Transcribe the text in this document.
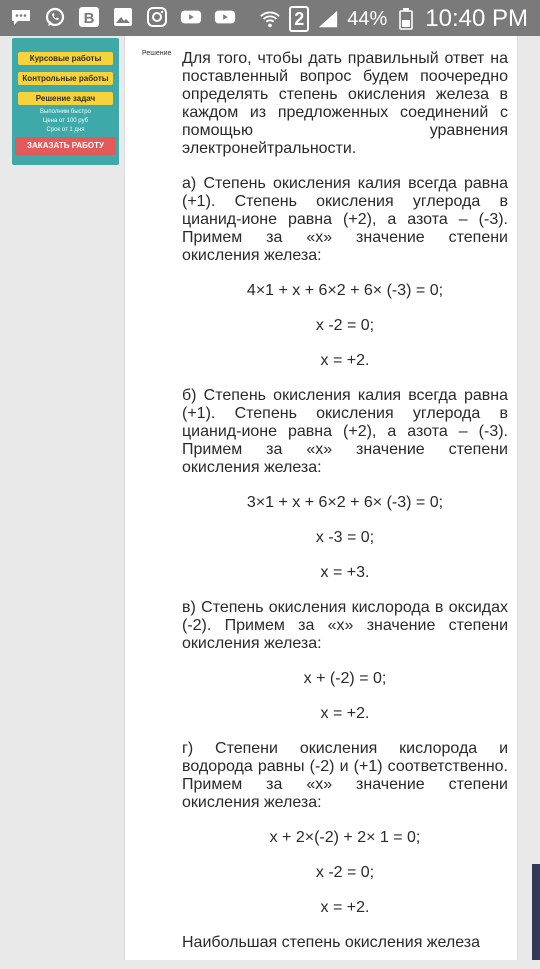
B	2 44% 10:40 PM
Курсовые работы
Контрольные работы
Решение задач
Выполним быстро
Цена от 100 руб
Срок от 1 дня
ЗАКАЗАТЬ РАБОТУ
Решение Для того, чтобы дать правильный ответ на поставленный вопрос будем поочередно определять степень окисления железа в каждом из предложенных соединений с помощью уравнения электронейтральности.
а) Степень окисления калия всегда равна (+1). Степень окисления углерода в цианид-ионе равна (+2), а азота – (-3). Примем за «х» значение степени окисления железа:
4×1 + х + 6×2 + 6× (-3) = 0;
х -2 = 0;
х = +2.
б) Степень окисления калия всегда равна (+1). Степень окисления углерода в цианид-ионе равна (+2), а азота – (-3). Примем за «х» значение степени окисления железа:
3×1 + х + 6×2 + 6× (-3) = 0;
х -3 = 0;
х = +3.
в) Степень окисления кислорода в оксидах (-2). Примем за «х» значение степени окисления железа:
х + (-2) = 0;
х = +2.
г) Степени окисления кислорода и водорода равны (-2) и (+1) соответственно. Примем за «х» значение степени окисления железа:
х + 2×(-2) + 2× 1 = 0;
х -2 = 0;
х = +2.
Наибольшая степень окисления железа
